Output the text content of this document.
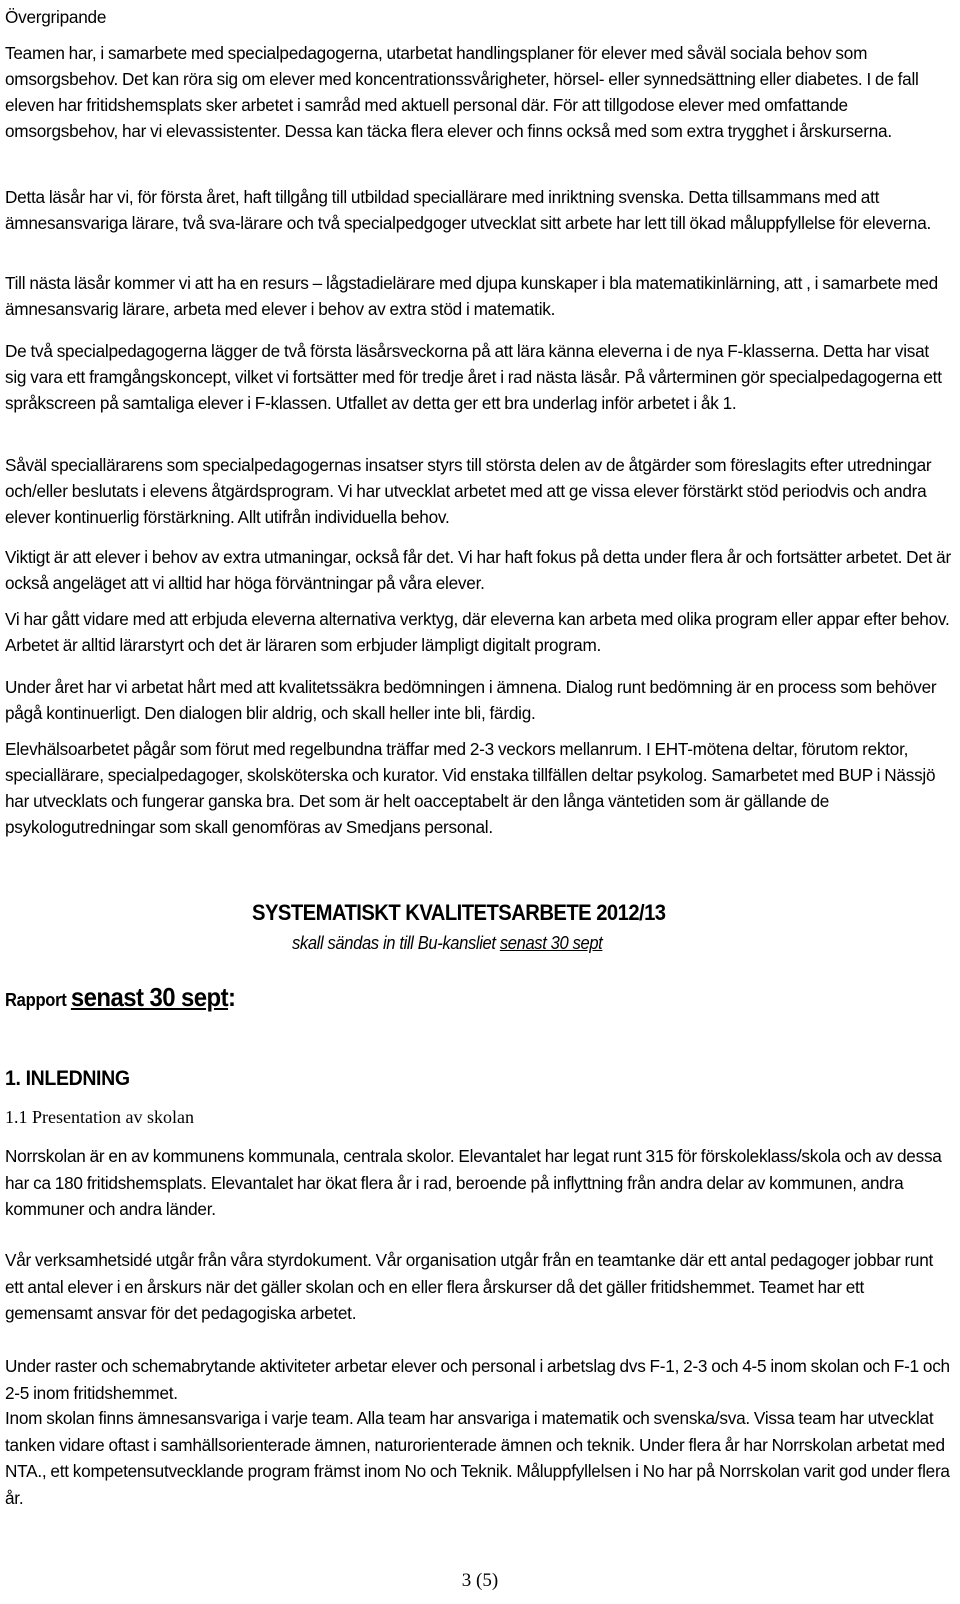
Övergripande

Teamen har, i samarbete med specialpedagogerna, utarbetat handlingsplaner för elever med såväl sociala behov som omsorgsbehov. Det kan röra sig om elever med koncentrationssvårigheter, hörsel- eller synnedsättning eller diabetes. I de fall eleven har fritidshemsplats sker arbetet i samråd med aktuell personal där. För att tillgodose elever med omfattande omsorgsbehov, har vi elevassistenter. Dessa kan täcka flera elever och finns också med som extra trygghet i årskurserna.

Detta läsår har vi, för första året, haft tillgång till utbildad speciallärare med inriktning svenska. Detta tillsammans med att ämnesansvariga lärare, två sva-lärare och två specialpedgoger utvecklat sitt arbete har lett till ökad måluppfyllelse för eleverna.

Till nästa läsår kommer vi att ha en resurs – lågstadielärare med djupa kunskaper i bla matematikinlärning, att , i samarbete med ämnesansvarig lärare, arbeta med elever i behov av extra stöd i matematik.

De två specialpedagogerna lägger de två första läsårsveckorna på att lära känna eleverna i de nya F-klasserna. Detta har visat sig vara ett framgångskoncept, vilket vi fortsätter med för tredje året i rad nästa läsår. På vårterminen gör specialpedagogerna ett språkscreen på samtaliga elever i F-klassen. Utfallet av detta ger ett bra underlag inför arbetet i åk 1.

Såväl speciallärarens som specialpedagogernas insatser styrs till största delen av de åtgärder som föreslagits efter utredningar och/eller beslutats i elevens åtgärdsprogram. Vi har utvecklat arbetet med att ge vissa elever förstärkt stöd periodvis och andra elever kontinuerlig förstärkning. Allt utifrån individuella behov.

Viktigt är att elever i behov av extra utmaningar, också får det. Vi har haft fokus på detta under flera år och fortsätter arbetet. Det är också angeläget att vi alltid har höga förväntningar på våra elever.

Vi har gått vidare med att erbjuda eleverna alternativa verktyg, där eleverna kan arbeta med olika program eller appar efter behov. Arbetet är alltid lärarstyrt och det är läraren som erbjuder lämpligt digitalt program.

Under året har vi arbetat hårt med att kvalitetssäkra bedömningen i ämnena. Dialog runt bedömning är en process som behöver pågå kontinuerligt. Den dialogen blir aldrig, och skall heller inte bli, färdig.

Elevhälsoarbetet pågår som förut med regelbundna träffar med 2-3 veckors mellanrum. I EHT-mötena deltar, förutom rektor, speciallärare, specialpedagoger, skolsköterska och kurator. Vid enstaka tillfällen deltar psykolog. Samarbetet med BUP i Nässjö har utvecklats och fungerar ganska bra. Det som är helt oacceptabelt är den långa väntetiden som är gällande de psykologutredningar som skall genomföras av Smedjans personal.

SYSTEMATISKT KVALITETSARBETE 2012/13

skall sändas in till Bu-kansliet senast 30 sept

Rapport senast 30 sept:

1. INLEDNING

1.1 Presentation av skolan

Norrskolan är en av kommunens kommunala, centrala skolor. Elevantalet har legat runt 315 för förskoleklass/skola och av dessa har ca 180 fritidshemsplats. Elevantalet har ökat flera år i rad, beroende på inflyttning från andra delar av kommunen, andra kommuner och andra länder.

Vår verksamhetsidé utgår från våra styrdokument. Vår organisation utgår från en teamtanke där ett antal pedagoger jobbar runt ett antal elever i en årskurs när det gäller skolan och en eller flera årskurser då det gäller fritidshemmet. Teamet har ett gemensamt ansvar för det pedagogiska arbetet.

Under raster och schemabrytande aktiviteter arbetar elever och personal i arbetslag dvs F-1, 2-3 och 4-5 inom skolan och F-1 och 2-5 inom fritidshemmet.

Inom skolan finns ämnesansvariga i varje team. Alla team har ansvariga i matematik och svenska/sva. Vissa team har utvecklat tanken vidare oftast i samhällsorienterade ämnen, naturorienterade ämnen och teknik. Under flera år har Norrskolan arbetat med NTA., ett kompetensutvecklande program främst inom No och Teknik. Måluppfyllelsen i No har på Norrskolan varit god under flera år.

3 (5)
